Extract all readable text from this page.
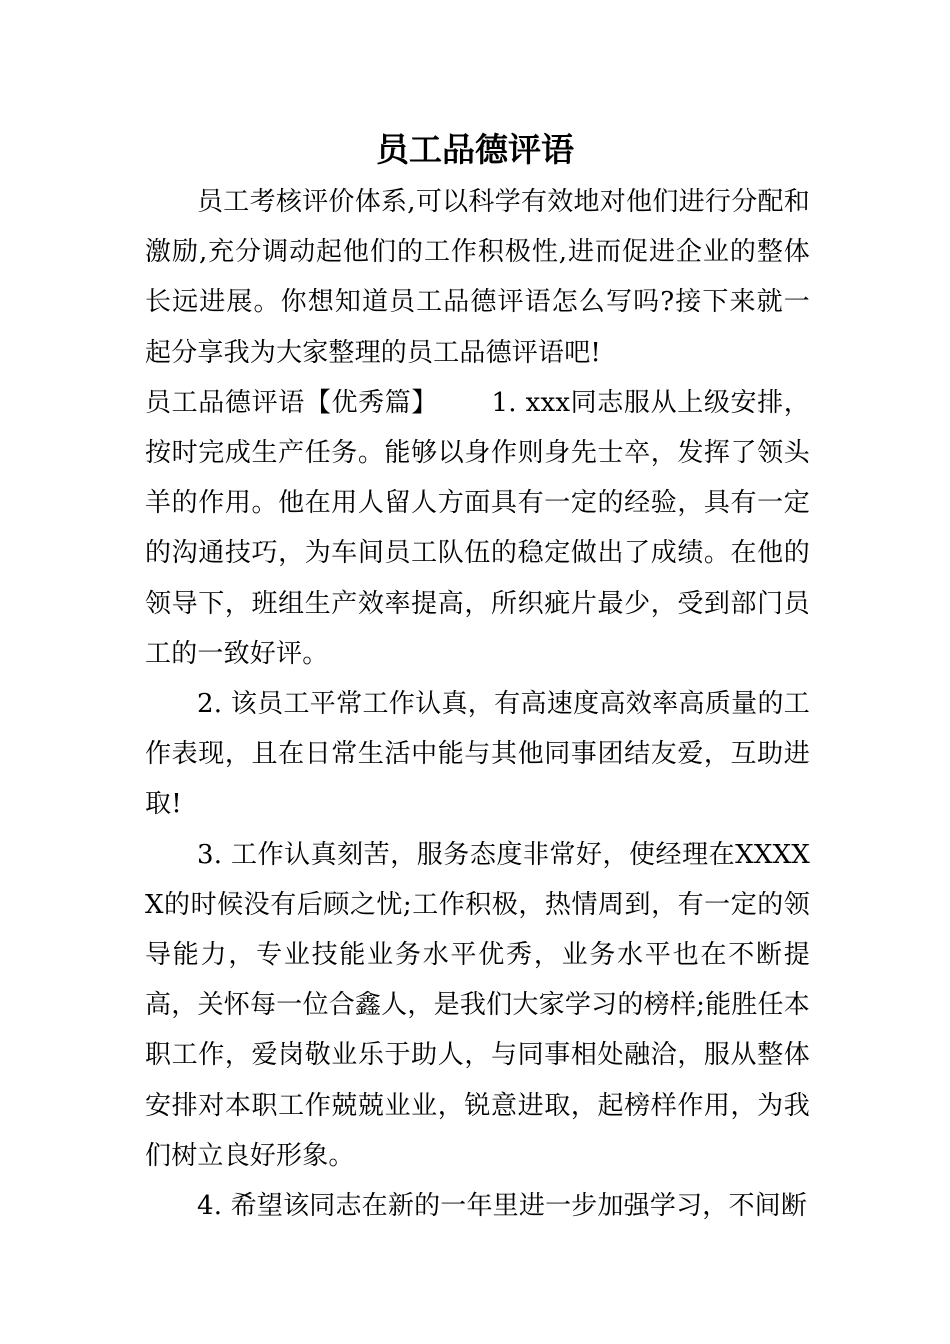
员工品德评语

员工考核评价体系,可以科学有效地对他们进行分配和激励,充分调动起他们的工作积极性,进而促进企业的整体长远进展。你想知道员工品德评语怎么写吗?接下来就一起分享我为大家整理的员工品德评语吧!

员工品德评语【优秀篇】      1. xxx同志服从上级安排，按时完成生产任务。能够以身作则身先士卒，发挥了领头羊的作用。他在用人留人方面具有一定的经验，具有一定的沟通技巧，为车间员工队伍的稳定做出了成绩。在他的领导下，班组生产效率提高，所织疵片最少，受到部门员工的一致好评。

2. 该员工平常工作认真，有高速度高效率高质量的工作表现，且在日常生活中能与其他同事团结友爱，互助进取!

3. 工作认真刻苦，服务态度非常好，使经理在XXXXX的时候没有后顾之忧;工作积极，热情周到，有一定的领导能力，专业技能业务水平优秀，业务水平也在不断提高，关怀每一位合鑫人，是我们大家学习的榜样;能胜任本职工作，爱岗敬业乐于助人，与同事相处融洽，服从整体安排对本职工作兢兢业业，锐意进取，起榜样作用，为我们树立良好形象。

4. 希望该同志在新的一年里进一步加强学习，不间断
